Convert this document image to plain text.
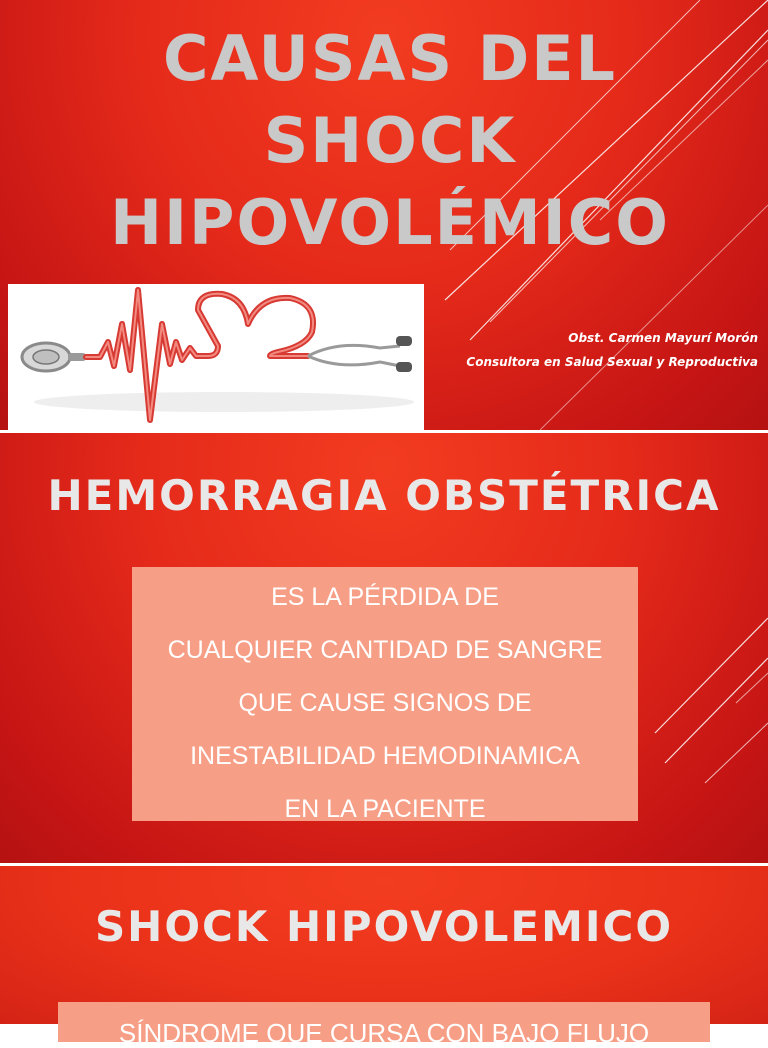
CAUSAS DEL
SHOCK
HIPOVOLÉMICO
Obst. Carmen Mayurí Morón
Consultora en Salud Sexual y Reproductiva
HEMORRAGIA OBSTÉTRICA
ES LA PÉRDIDA DE
CUALQUIER CANTIDAD DE SANGRE
QUE CAUSE SIGNOS DE
INESTABILIDAD HEMODINAMICA
EN LA PACIENTE
SHOCK HIPOVOLEMICO
SÍNDROME QUE CURSA CON BAJO FLUJO
